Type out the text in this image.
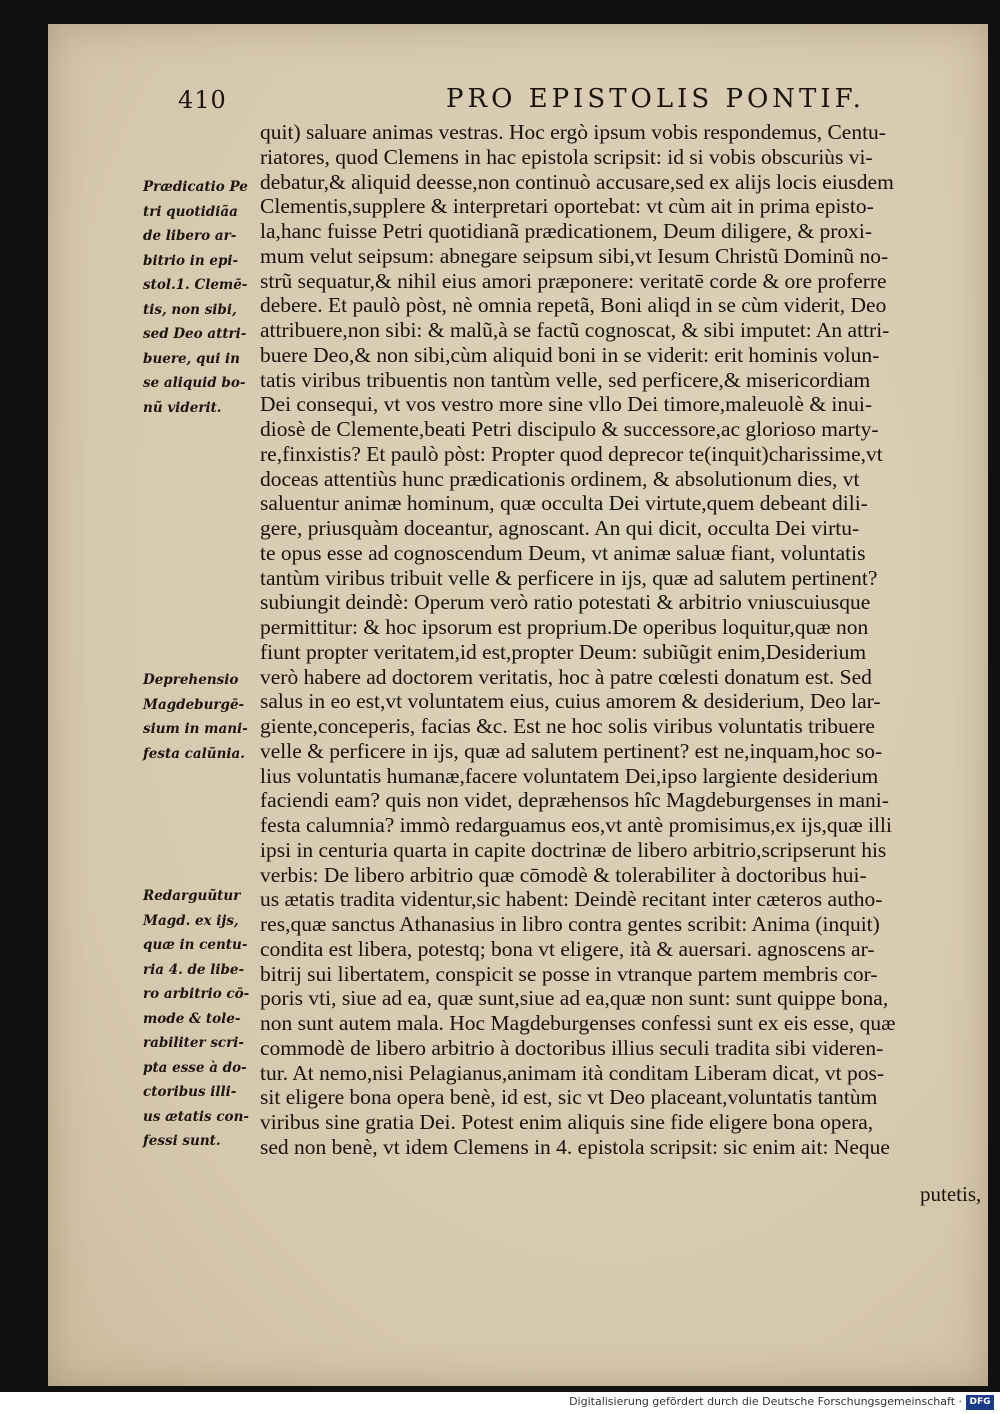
410	PRO EPISTOLIS PONTIF.
Prædicatio Pe
tri quotidiãa
de libero ar-
bitrio in epi-
stol.1. Clemē-
tis, non sibi,
sed Deo attri-
buere, qui in
se aliquid bo-
nũ viderit.
Deprehensio
Magdeburgē-
sium in mani-
festa calũnia.
Redarguũtur
Magd. ex ijs,
quæ in centu-
ria 4. de libe-
ro arbitrio cō-
mode & tole-
rabiliter scri-
pta esse à do-
ctoribus illi-
us ætatis con-
fessi sunt.
quit) saluare animas vestras. Hoc ergò ipsum vobis respondemus, Centu-
riatores, quod Clemens in hac epistola scripsit: id si vobis obscuriùs vi-
debatur,& aliquid deesse,non continuò accusare,sed ex alijs locis eiusdem
Clementis,supplere & interpretari oportebat: vt cùm ait in prima episto-
la,hanc fuisse Petri quotidianã prædicationem, Deum diligere, & proxi-
mum velut seipsum: abnegare seipsum sibi,vt Iesum Christũ Dominũ no-
strũ sequatur,& nihil eius amori præponere: veritatē corde & ore proferre
debere. Et paulò pòst, nè omnia repetã, Boni aliqd in se cùm viderit, Deo
attribuere,non sibi: & malũ,à se factũ cognoscat, & sibi imputet: An attri-
buere Deo,& non sibi,cùm aliquid boni in se viderit: erit hominis volun-
tatis viribus tribuentis non tantùm velle, sed perficere,& misericordiam
Dei consequi, vt vos vestro more sine vllo Dei timore,maleuolè & inui-
diosè de Clemente,beati Petri discipulo & successore,ac glorioso marty-
re,finxistis? Et paulò pòst: Propter quod deprecor te(inquit)charissime,vt
doceas attentiùs hunc prædicationis ordinem, & absolutionum dies, vt
saluentur animæ hominum, quæ occulta Dei virtute,quem debeant dili-
gere, priusquàm doceantur, agnoscant. An qui dicit, occulta Dei virtu-
te opus esse ad cognoscendum Deum, vt animæ saluæ fiant, voluntatis
tantùm viribus tribuit velle & perficere in ijs, quæ ad salutem pertinent?
subiungit deindè: Operum verò ratio potestati & arbitrio vniuscuiusque
permittitur: & hoc ipsorum est proprium.De operibus loquitur,quæ non
fiunt propter veritatem,id est,propter Deum: subiũgit enim,Desiderium
verò habere ad doctorem veritatis, hoc à patre cœlesti donatum est. Sed
salus in eo est,vt voluntatem eius, cuius amorem & desiderium, Deo lar-
giente,conceperis, facias &c. Est ne hoc solis viribus voluntatis tribuere
velle & perficere in ijs, quæ ad salutem pertinent? est ne,inquam,hoc so-
lius voluntatis humanæ,facere voluntatem Dei,ipso largiente desiderium
faciendi eam? quis non videt, depræhensos hîc Magdeburgenses in mani-
festa calumnia? immò redarguamus eos,vt antè promisimus,ex ijs,quæ illi
ipsi in centuria quarta in capite doctrinæ de libero arbitrio,scripserunt his
verbis: De libero arbitrio quæ cōmodè & tolerabiliter à doctoribus hui-
us ætatis tradita videntur,sic habent: Deindè recitant inter cæteros autho-
res,quæ sanctus Athanasius in libro contra gentes scribit: Anima (inquit)
condita est libera, potestq; bona vt eligere, ità & auersari. agnoscens ar-
bitrij sui libertatem, conspicit se posse in vtranque partem membris cor-
poris vti, siue ad ea, quæ sunt,siue ad ea,quæ non sunt: sunt quippe bona,
non sunt autem mala. Hoc Magdeburgenses confessi sunt ex eis esse, quæ
commodè de libero arbitrio à doctoribus illius seculi tradita sibi videren-
tur. At nemo,nisi Pelagianus,animam ità conditam Liberam dicat, vt pos-
sit eligere bona opera benè, id est, sic vt Deo placeant,voluntatis tantùm
viribus sine gratia Dei. Potest enim aliquis sine fide eligere bona opera,
sed non benè, vt idem Clemens in 4. epistola scripsit: sic enim ait: Neque
putetis,
Digitalisierung gefördert durch die Deutsche Forschungsgemeinschaft · DFG
